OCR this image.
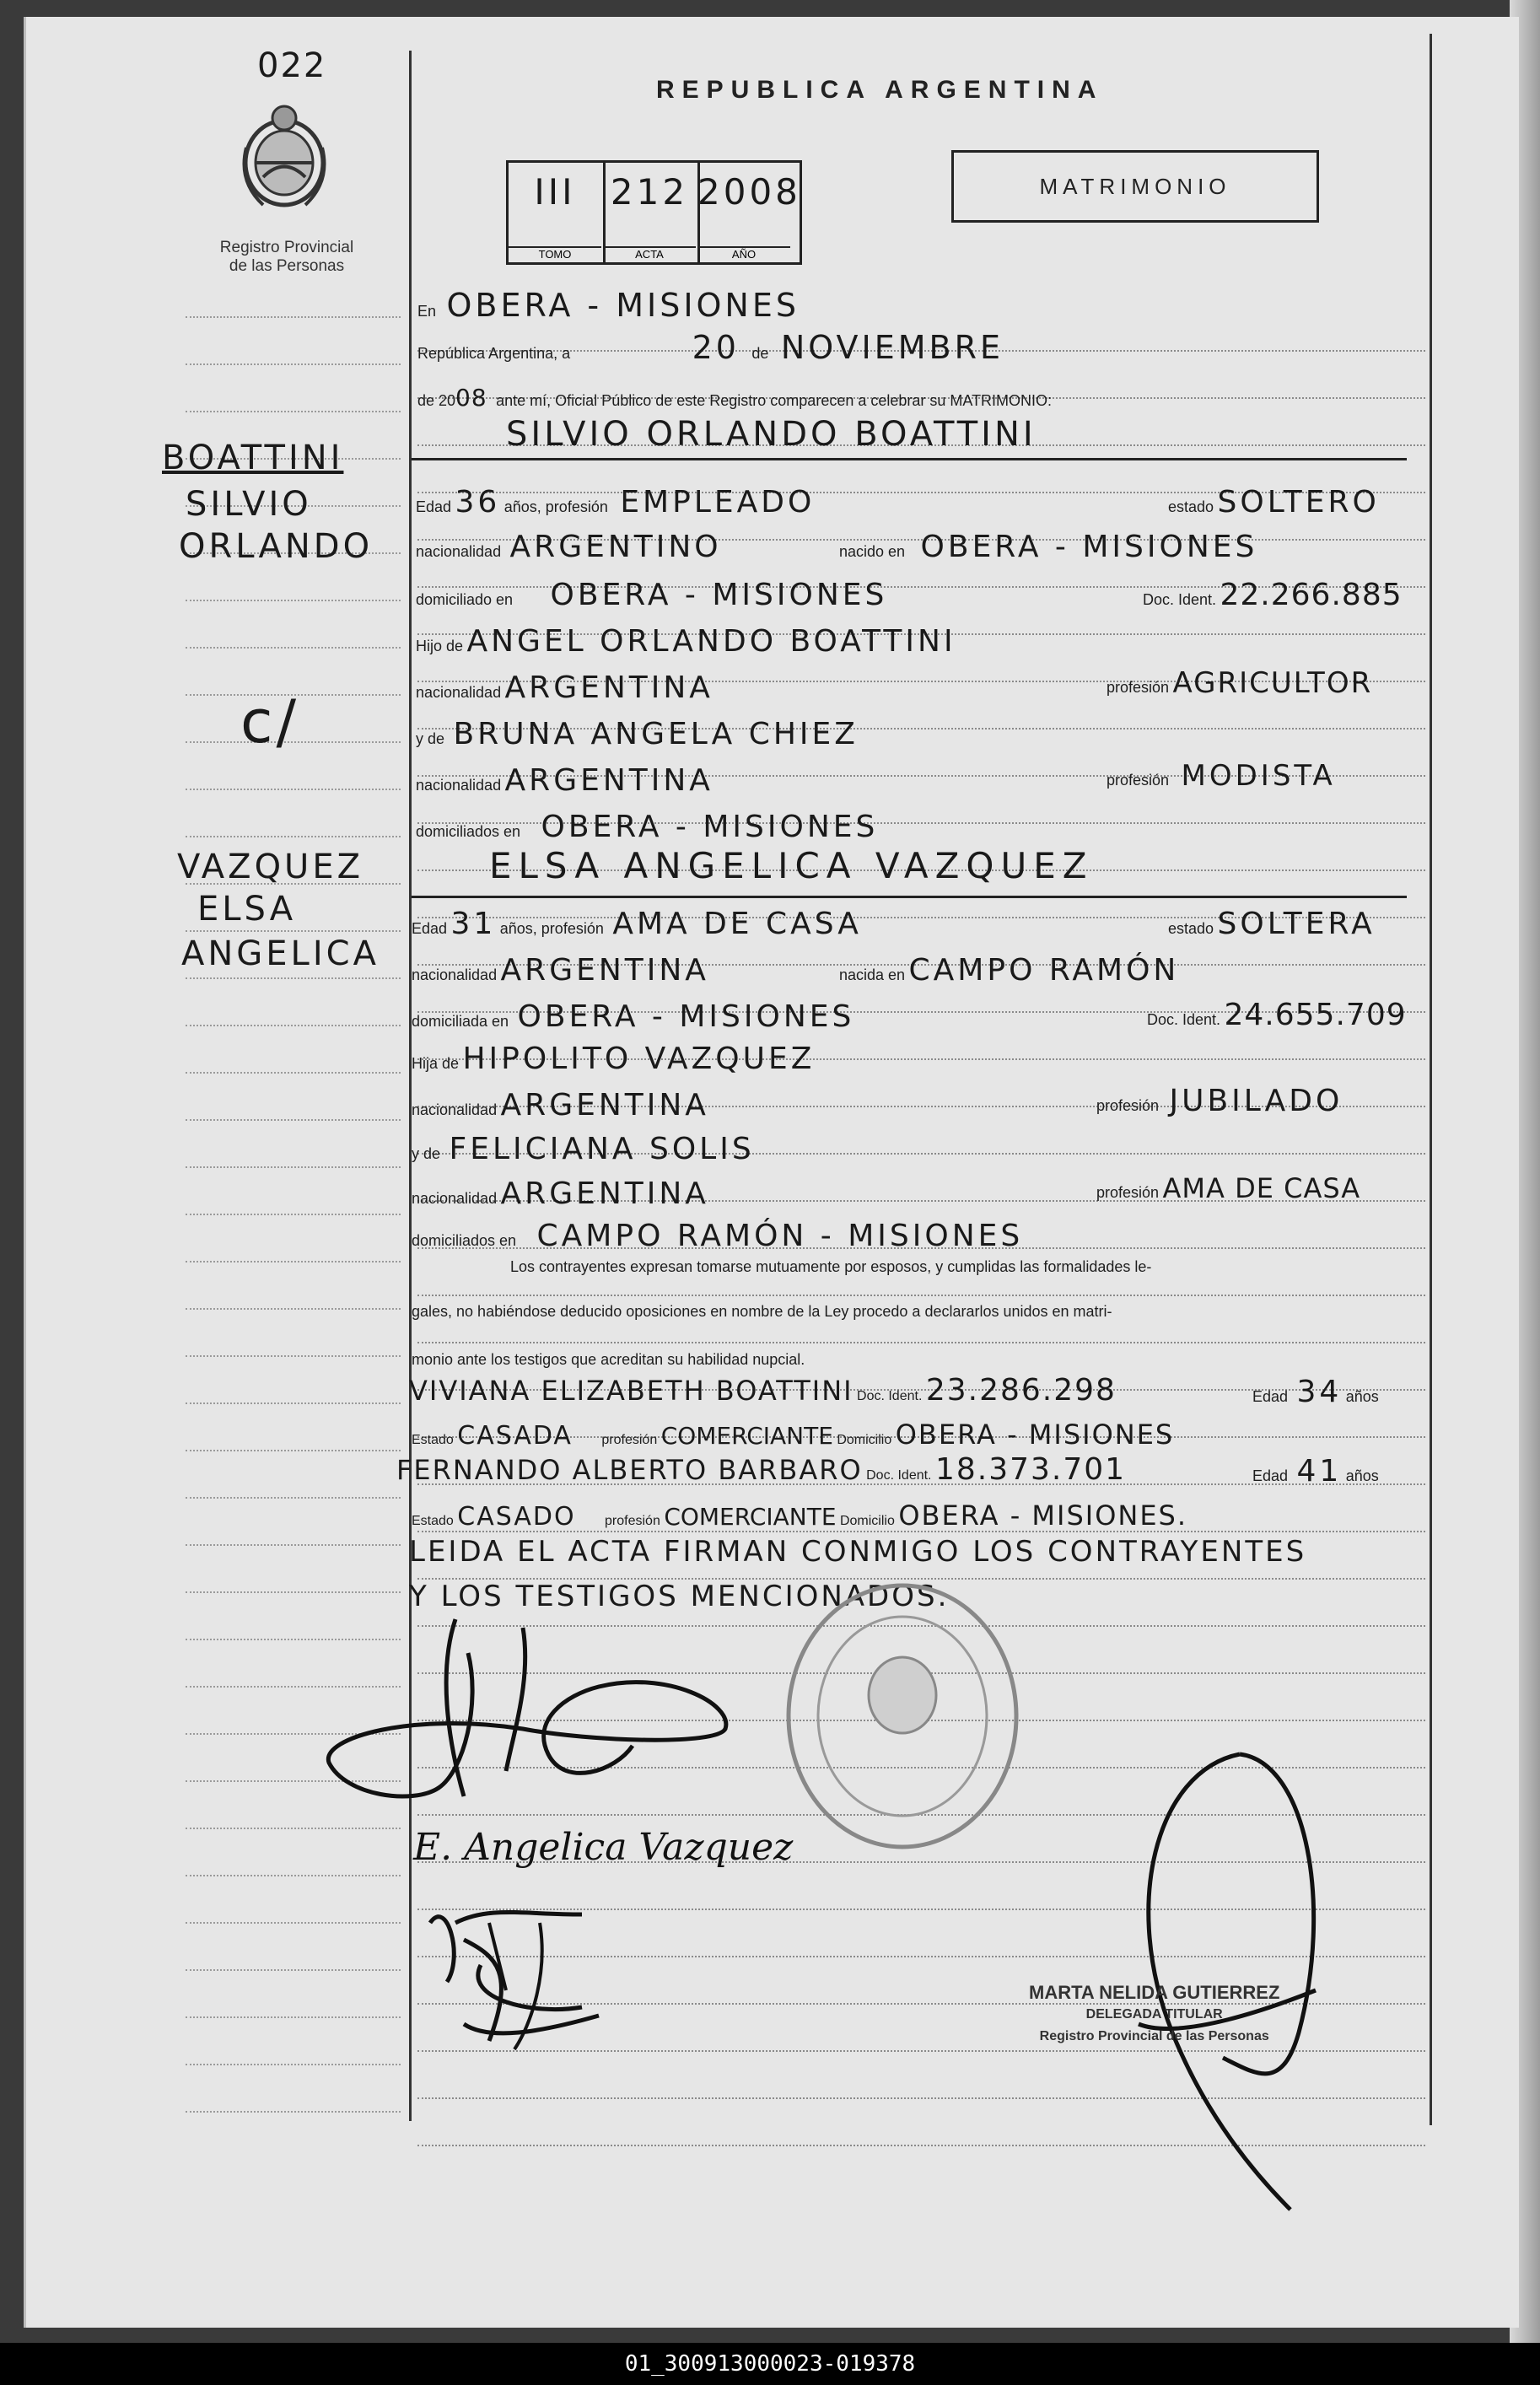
022
Registro Provincial
de las Personas
REPUBLICA ARGENTINA
MATRIMONIO
III
TOMO
212
ACTA
2008
AÑO
BOATTINI
SILVIO
ORLANDO
c/
VAZQUEZ
ELSA
ANGELICA
En OBERA - MISIONES
República Argentina, a	20 de NOVIEMBRE
de 2008 ante mí, Oficial Público de este Registro comparecen a celebrar su MATRIMONIO:
SILVIO ORLANDO BOATTINI
Edad 36 años, profesión EMPLEADO	estado SOLTERO
nacionalidad ARGENTINO	nacido en OBERA - MISIONES
domiciliado en OBERA - MISIONES	Doc. Ident. 22.266.885
Hijo de ANGEL ORLANDO BOATTINI
nacionalidad ARGENTINA	profesión AGRICULTOR
y de BRUNA ANGELA CHIEZ
nacionalidad ARGENTINA	profesión MODISTA
domiciliados en OBERA - MISIONES
ELSA ANGELICA VAZQUEZ
Edad 31 años, profesión AMA DE CASA	estado SOLTERA
nacionalidad ARGENTINA	nacida en CAMPO RAMÓN
domiciliada en OBERA - MISIONES	Doc. Ident. 24.655.709
Hija de HIPOLITO VAZQUEZ
nacionalidad ARGENTINA	profesión JUBILADO
y de FELICIANA SOLIS
nacionalidad ARGENTINA	profesión AMA DE CASA
domiciliados en CAMPO RAMÓN - MISIONES
Los contrayentes expresan tomarse mutuamente por esposos, y cumplidas las formalidades le-
gales, no habiéndose deducido oposiciones en nombre de la Ley procedo a declararlos unidos en matri-
monio ante los testigos que acreditan su habilidad nupcial.
VIVIANA ELIZABETH BOATTINI Doc. Ident. 23.286.298	Edad 34 años
Estado CASADA profesión COMERCIANTE Domicilio OBERA - MISIONES
FERNANDO ALBERTO BARBARO Doc. Ident. 18.373.701	Edad 41 años
Estado CASADO profesión COMERCIANTE Domicilio OBERA - MISIONES.
LEIDA EL ACTA FIRMAN CONMIGO LOS CONTRAYENTES
Y LOS TESTIGOS MENCIONADOS.
E. Angelica Vazquez
MARTA NELIDA GUTIERREZ
DELEGADA TITULAR
Registro Provincial de las Personas
01_300913000023-019378
